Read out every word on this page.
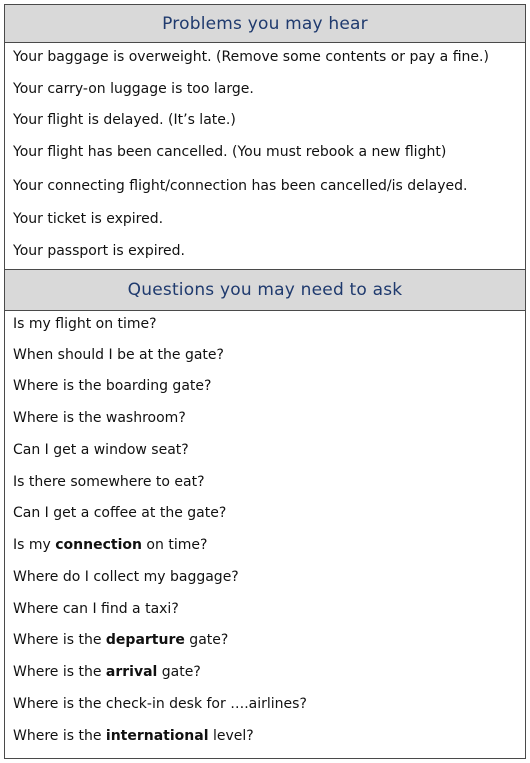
Problems you may hear
Your baggage is overweight. (Remove some contents or pay a fine.)
Your carry-on luggage is too large.
Your flight is delayed. (It’s late.)
Your flight has been cancelled. (You must rebook a new flight)
Your connecting flight/connection has been cancelled/is delayed.
Your ticket is expired.
Your passport is expired.
Questions you may need to ask
Is my flight on time?
When should I be at the gate?
Where is the boarding gate?
Where is the washroom?
Can I get a window seat?
Is there somewhere to eat?
Can I get a coffee at the gate?
Is my connection on time?
Where do I collect my baggage?
Where can I find a taxi?
Where is the departure gate?
Where is the arrival gate?
Where is the check-in desk for ….airlines?
Where is the international level?
